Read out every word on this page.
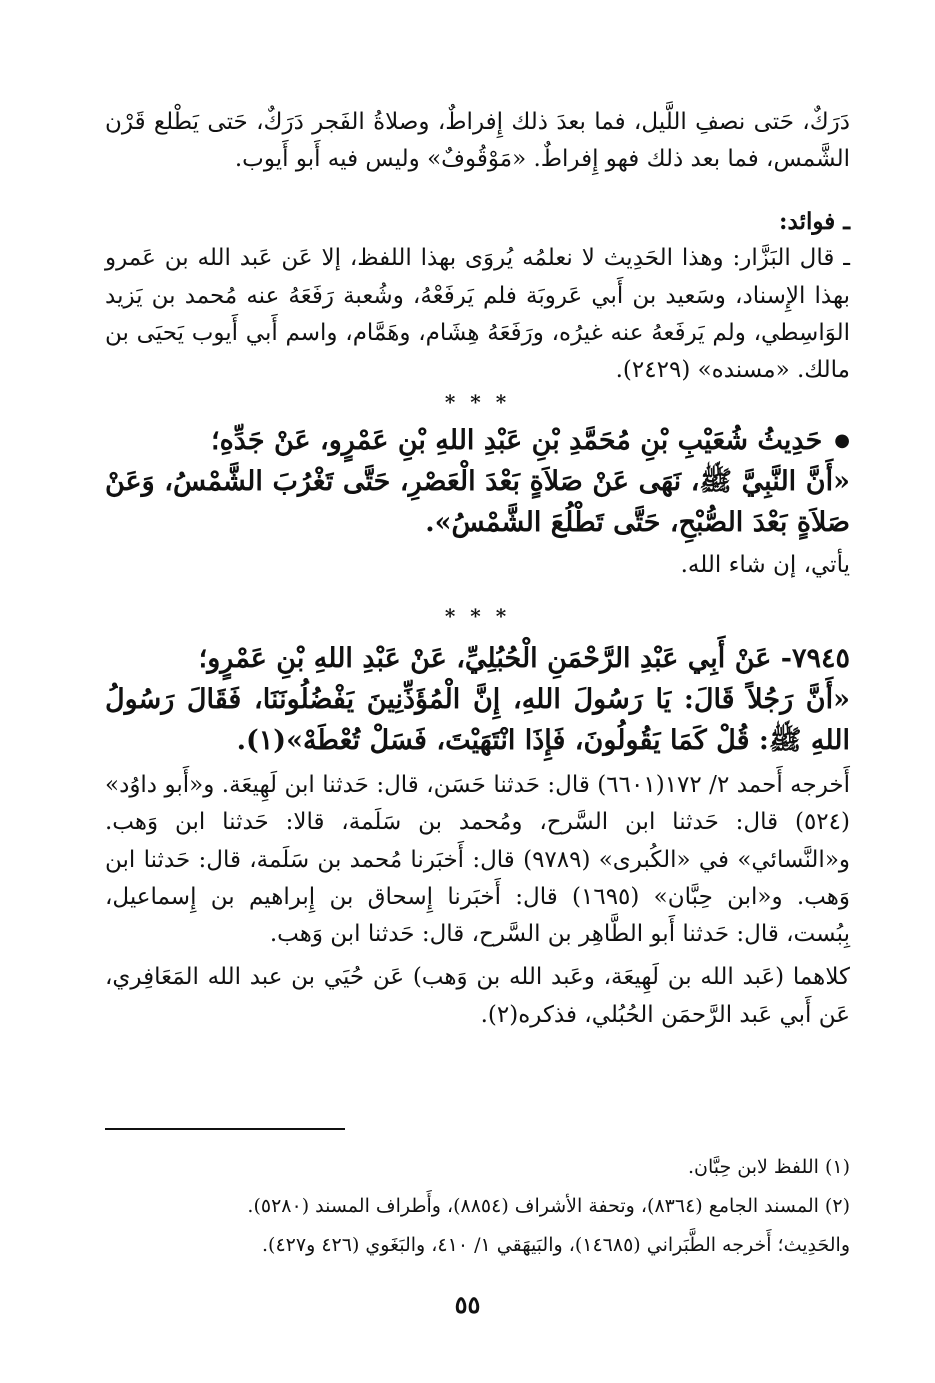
دَرَكٌ، حَتى نصفِ اللَّيل، فما بعدَ ذلك إِفراطٌ، وصلاةُ الفَجر دَرَكٌ، حَتى يَطْلع قَرْن الشَّمس، فما بعد ذلك فهو إِفراطٌ. «مَوْقُوفٌ» وليس فيه أَبو أَيوب.

ـ فوائد:

ـ قال البَزَّار: وهذا الحَدِيث لا نعلمُه يُروَى بهذا اللفظ، إلا عَن عَبد الله بن عَمرو بهذا الإِسناد، وسَعيد بن أَبي عَروبَة فلم يَرفَعْهُ، وشُعبة رَفَعَهُ عنه مُحمد بن يَزيد الوَاسِطي، ولم يَرفَعهُ عنه غيرُه، ورَفَعَهُ هِشَام، وهَمَّام، واسم أَبي أَيوب يَحيَى بن مالك. «مسنده» (٢٤٢٩).

* * *

● حَدِيثُ شُعَيْبِ بْنِ مُحَمَّدِ بْنِ عَبْدِ اللهِ بْنِ عَمْرٍو، عَنْ جَدِّهِ؛

«أَنَّ النَّبِيَّ ﷺ، نَهَى عَنْ صَلاَةٍ بَعْدَ الْعَصْرِ، حَتَّى تَغْرُبَ الشَّمْسُ، وَعَنْ صَلاَةٍ بَعْدَ الصُّبْحِ، حَتَّى تَطْلُعَ الشَّمْسُ».

يأتي، إن شاء الله.

* * *

٧٩٤٥- عَنْ أَبِي عَبْدِ الرَّحْمَنِ الْحُبُلِيِّ، عَنْ عَبْدِ اللهِ بْنِ عَمْرٍو؛

«أَنَّ رَجُلاً قَالَ: يَا رَسُولَ اللهِ، إِنَّ الْمُؤَذِّنِينَ يَفْضُلُونَنَا، فَقَالَ رَسُولُ اللهِ ﷺ: قُلْ كَمَا يَقُولُونَ، فَإِذَا انْتَهَيْتَ، فَسَلْ تُعْطَهْ»(١).

أَخرجه أَحمد ٢/ ١٧٢(٦٦٠١) قال: حَدثنا حَسَن، قال: حَدثنا ابن لَهِيعَة. و«أَبو داوُد» (٥٢٤) قال: حَدثنا ابن السَّرح، ومُحمد بن سَلَمة، قالا: حَدثنا ابن وَهب. و«النَّسائي» في «الكُبرى» (٩٧٨٩) قال: أَخبَرنا مُحمد بن سَلَمة، قال: حَدثنا ابن وَهب. و«ابن حِبَّان» (١٦٩٥) قال: أَخبَرنا إِسحاق بن إِبراهيم بن إِسماعيل، بِبُست، قال: حَدثنا أَبو الطَّاهِر بن السَّرح، قال: حَدثنا ابن وَهب.

كلاهما (عَبد الله بن لَهِيعَة، وعَبد الله بن وَهب) عَن حُيَي بن عبد الله المَعَافِري، عَن أَبي عَبد الرَّحمَن الحُبُلي، فذكره(٢).

(١) اللفظ لابن حِبَّان.

(٢) المسند الجامع (٨٣٦٤)، وتحفة الأشراف (٨٨٥٤)، وأَطراف المسند (٥٢٨٠).

والحَدِيث؛ أَخرجه الطَّبَراني (١٤٦٨٥)، والبَيهَقي ١/ ٤١٠، والبَغَوي (٤٢٦ و٤٢٧).

٥٥
